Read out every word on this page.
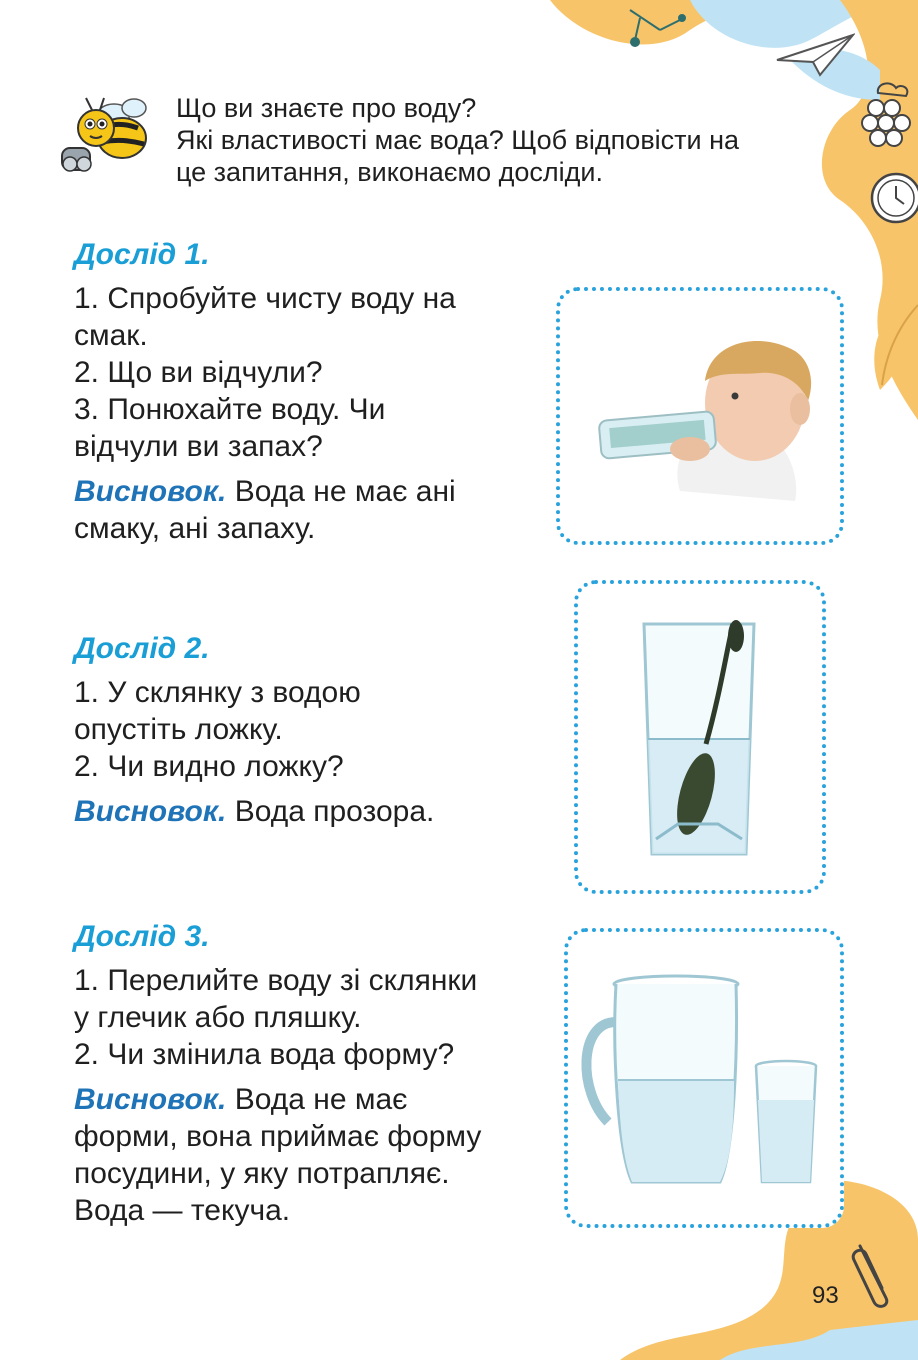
Що ви знаєте про воду?
Які властивості має вода? Щоб відповісти на
це запитання, виконаємо досліди.
Дослід 1.
1. Спробуйте чисту воду на
смак.
2. Що ви відчули?
3. Понюхайте воду. Чи
відчули ви запах?
Висновок. Вода не має ані
смаку, ані запаху.
Дослід 2.
1. У склянку з водою
опустіть ложку.
2. Чи видно ложку?
Висновок. Вода прозора.
Дослід 3.
1. Перелийте воду зі склянки
у глечик або пляшку.
2. Чи змінила вода форму?
Висновок. Вода не має
форми, вона приймає форму
посудини, у яку потрапляє.
Вода — текуча.
93
